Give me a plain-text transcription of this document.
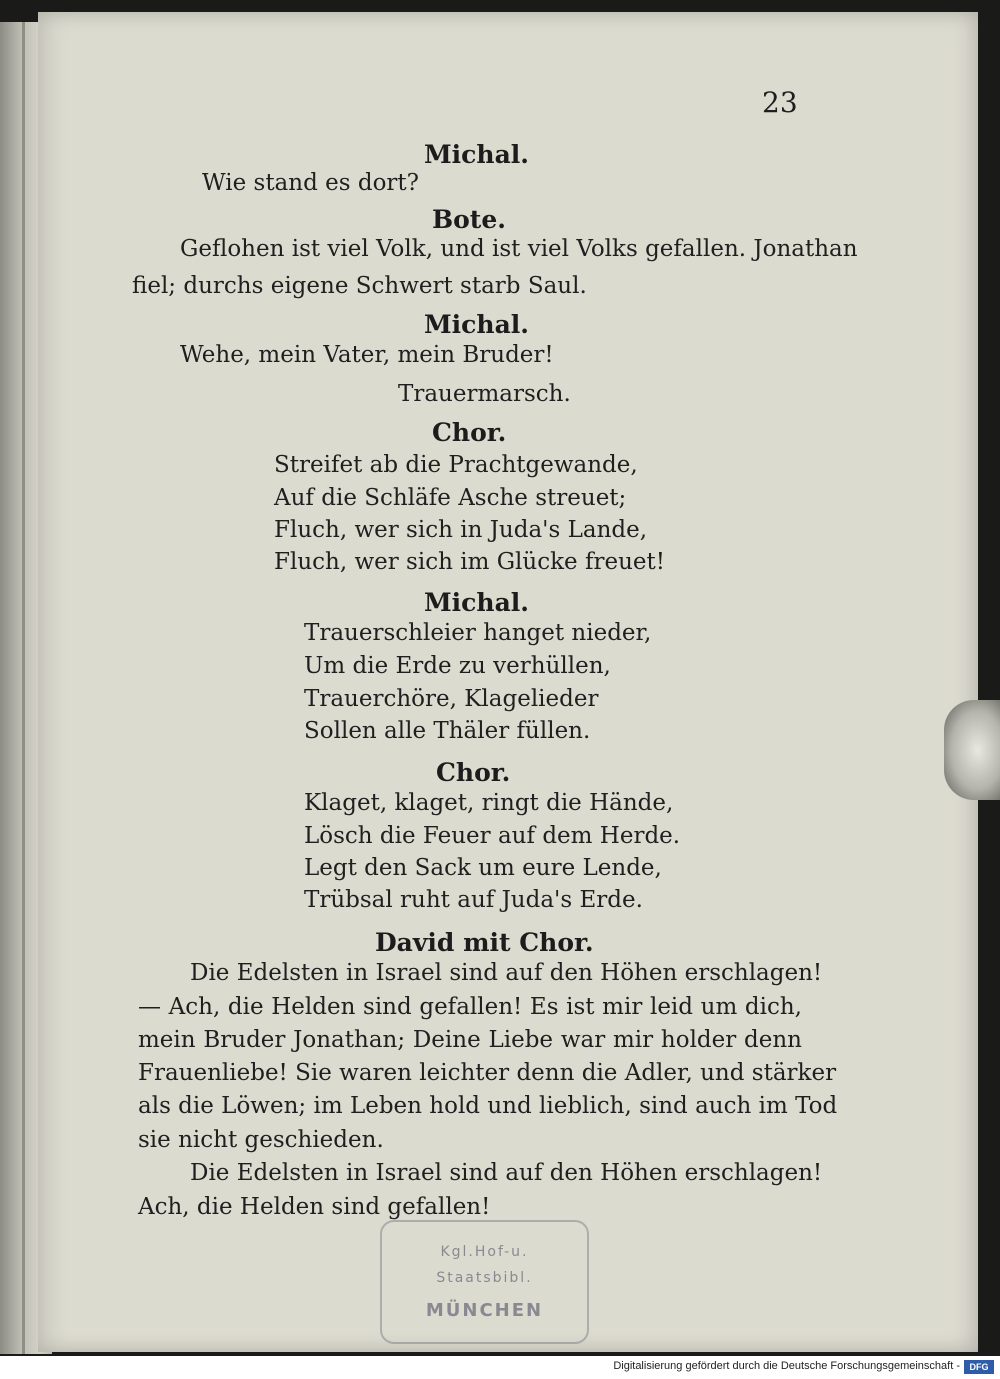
23
Michal.
Wie stand es dort?
Bote.
Geflohen ist viel Volk, und ist viel Volks gefallen. Jonathan
fiel; durchs eigene Schwert starb Saul.
Michal.
Wehe, mein Vater, mein Bruder!
Trauermarsch.
Chor.
Streifet ab die Prachtgewande,
Auf die Schläfe Asche streuet;
Fluch, wer sich in Juda's Lande,
Fluch, wer sich im Glücke freuet!
Michal.
Trauerschleier hanget nieder,
Um die Erde zu verhüllen,
Trauerchöre, Klagelieder
Sollen alle Thäler füllen.
Chor.
Klaget, klaget, ringt die Hände,
Lösch die Feuer auf dem Herde.
Legt den Sack um eure Lende,
Trübsal ruht auf Juda's Erde.
David mit Chor.
Die Edelsten in Israel sind auf den Höhen erschlagen!
— Ach, die Helden sind gefallen! Es ist mir leid um dich,
mein Bruder Jonathan; Deine Liebe war mir holder denn
Frauenliebe! Sie waren leichter denn die Adler, und stärker
als die Löwen; im Leben hold und lieblich, sind auch im Tod
sie nicht geschieden.
Die Edelsten in Israel sind auf den Höhen erschlagen!
Ach, die Helden sind gefallen!
Kgl.Hof-u.
Staatsbibl.
MÜNCHEN
Digitalisierung gefördert durch die Deutsche Forschungsgemeinschaft -	DFG
